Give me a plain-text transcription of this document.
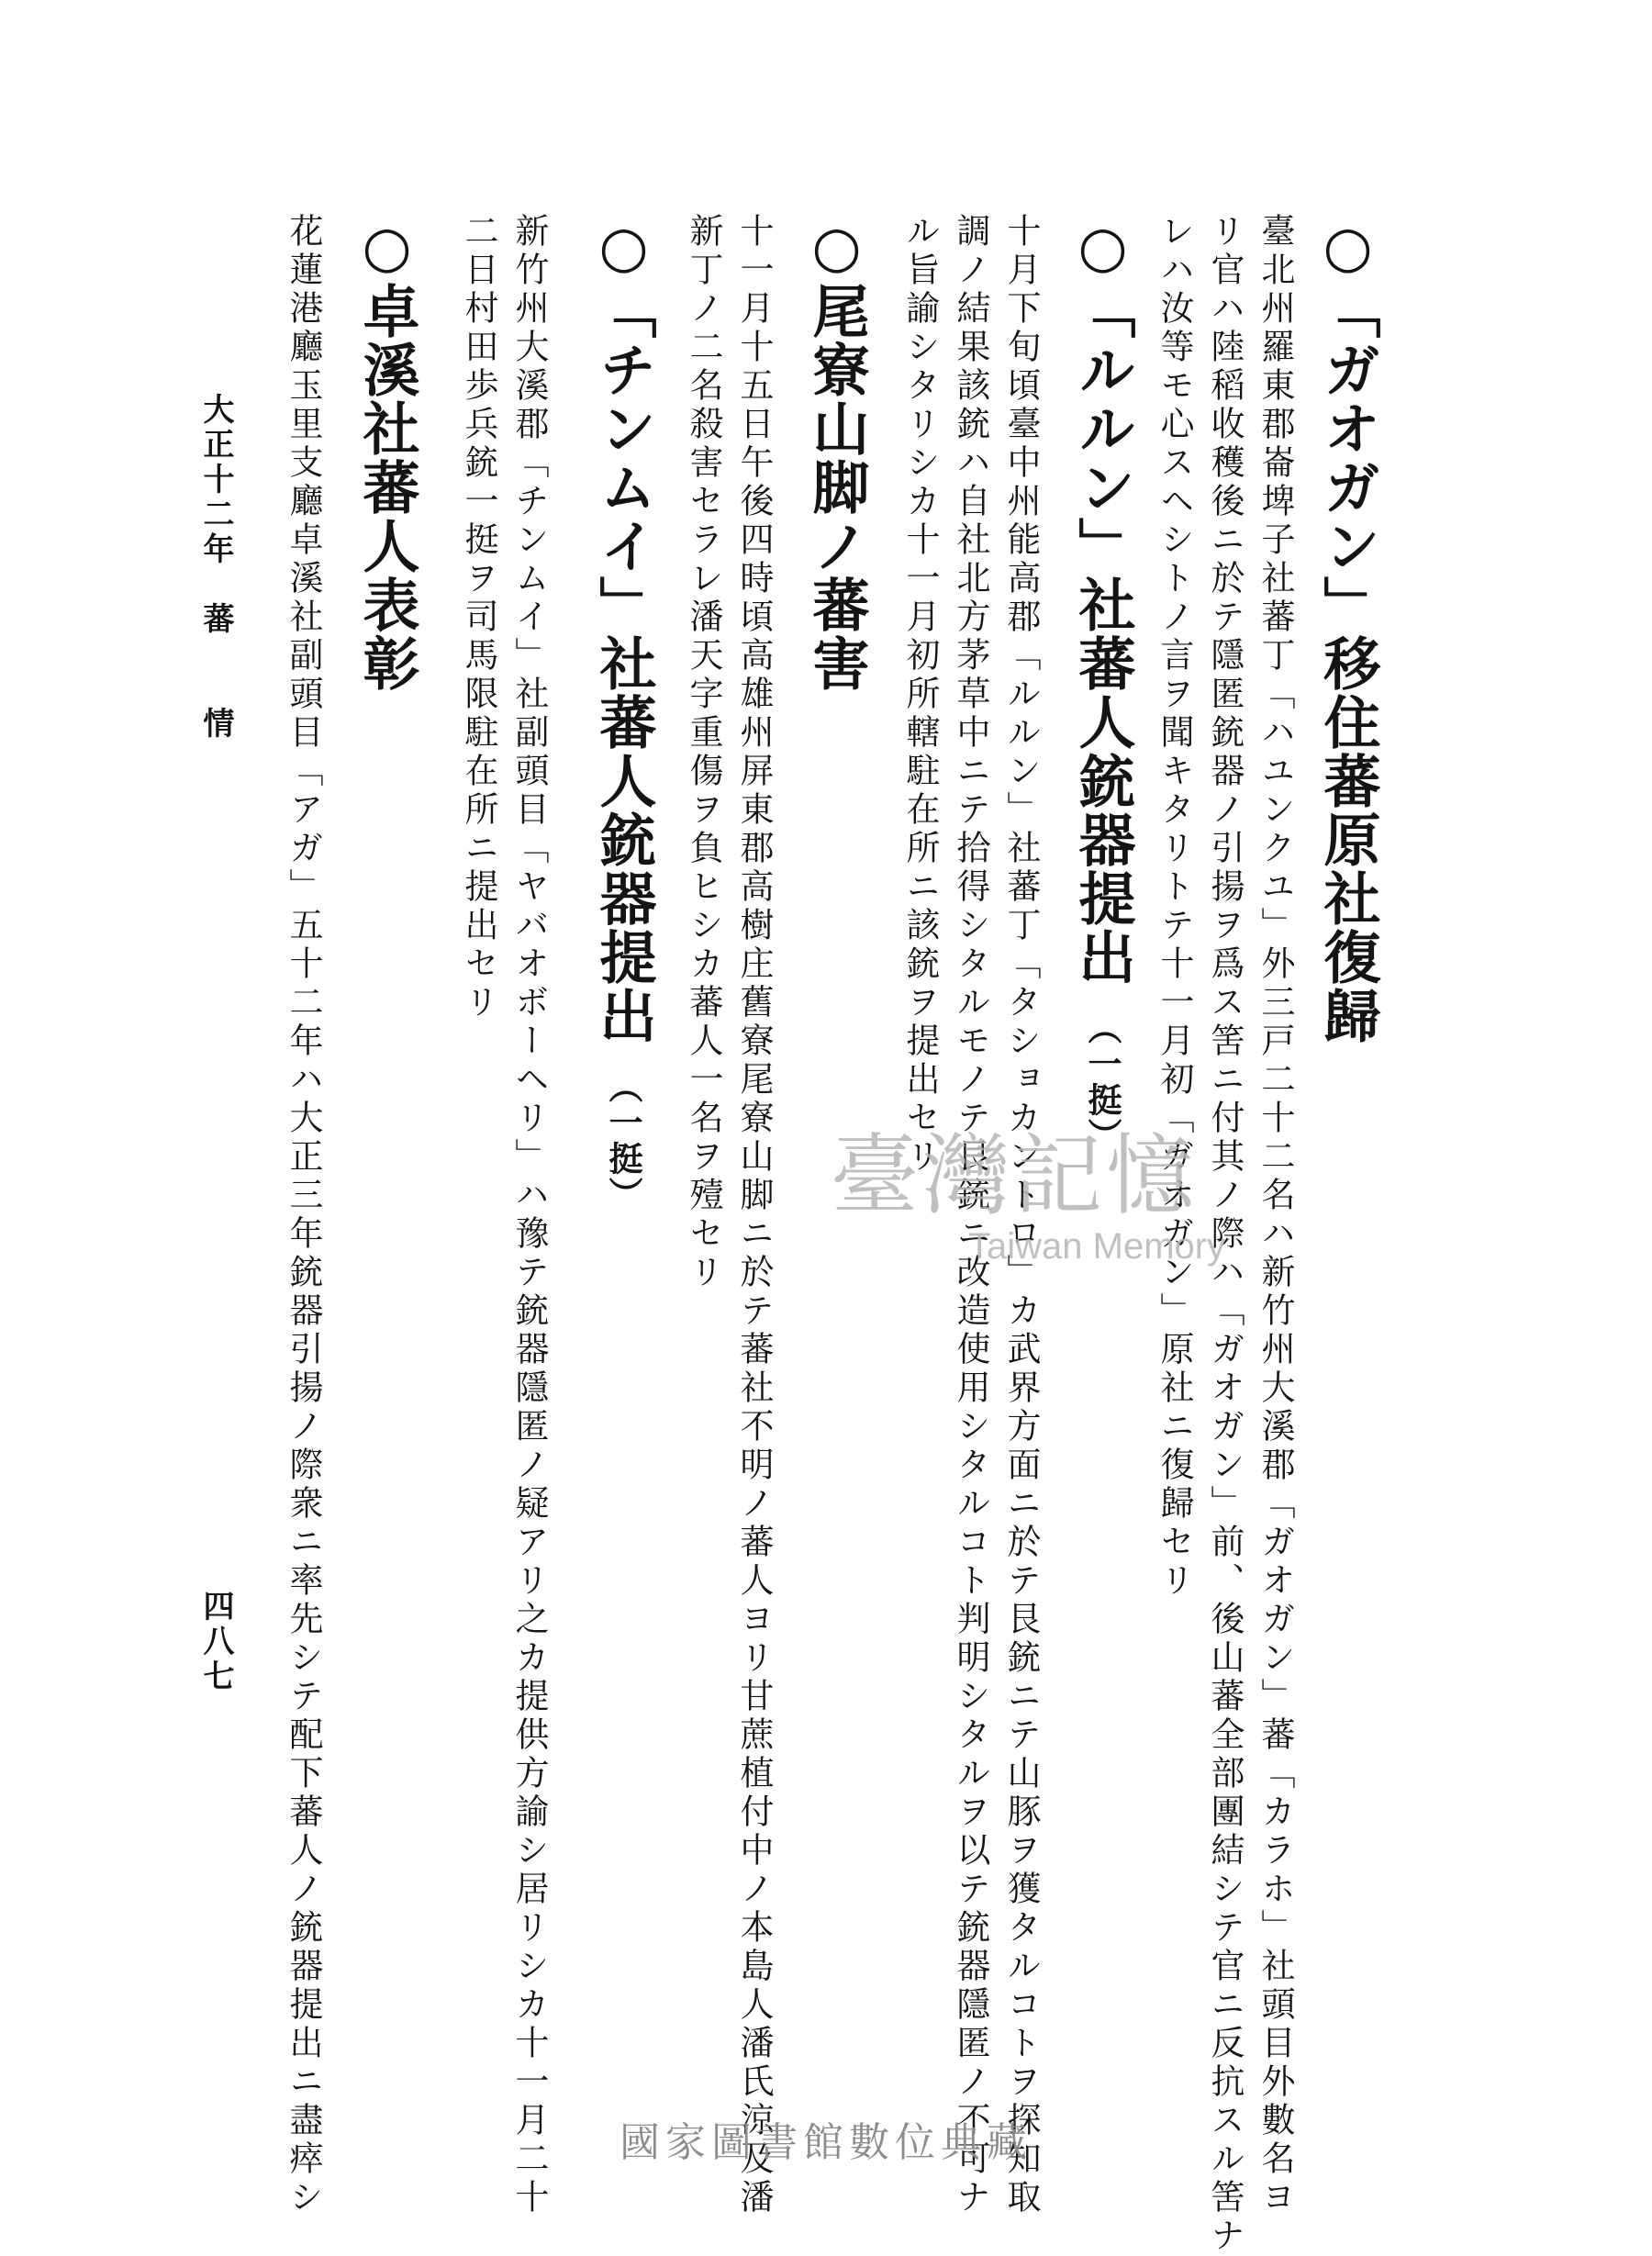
○「ガオガン」移住蕃原社復歸
臺北州羅東郡崙埤子社蕃丁「ハユンクユ」外三戸二十二名ハ新竹州大溪郡「ガオガン」蕃「カラホ」社頭目外數名ヨ
リ官ハ陸稻收穫後ニ於テ隱匿銃器ノ引揚ヲ爲ス筈ニ付其ノ際ハ「ガオガン」前、後山蕃全部團結シテ官ニ反抗スル筈ナ
レハ汝等モ心スヘシトノ言ヲ聞キタリトテ十一月初「ガオガン」原社ニ復歸セリ
○「ルルン」社蕃人銃器提出（一挺）
十月下旬頃臺中州能高郡「ルルン」社蕃丁「タショカントロ」カ武界方面ニ於テ艮銃ニテ山豚ヲ獲タルコトヲ探知取
調ノ結果該銃ハ自社北方茅草中ニテ拾得シタルモノテ艮銃ニ改造使用シタルコト判明シタルヲ以テ銃器隱匿ノ不可ナ
ル旨諭シタリシカ十一月初所轄駐在所ニ該銃ヲ提出セリ
○尾寮山脚ノ蕃害
十一月十五日午後四時頃高雄州屏東郡高樹庄舊寮尾寮山脚ニ於テ蕃社不明ノ蕃人ヨリ甘蔗植付中ノ本島人潘氏涼及潘
新丁ノ二名殺害セラレ潘天字重傷ヲ負ヒシカ蕃人一名ヲ殪セリ
○「チンムイ」社蕃人銃器提出（一挺）
新竹州大溪郡「チンムイ」社副頭目「ヤバオボーヘリ」ハ豫テ銃器隱匿ノ疑アリ之カ提供方諭シ居リシカ十一月二十
二日村田歩兵銃一挺ヲ司馬限駐在所ニ提出セリ
○卓溪社蕃人表彰
花蓮港廳玉里支廳卓溪社副頭目「アガ」五十二年ハ大正三年銃器引揚ノ際衆ニ率先シテ配下蕃人ノ銃器提出ニ盡瘁シ
大正十二年　蕃　　情
四八七
臺灣記憶
Taiwan Memory
國家圖書館數位典藏
